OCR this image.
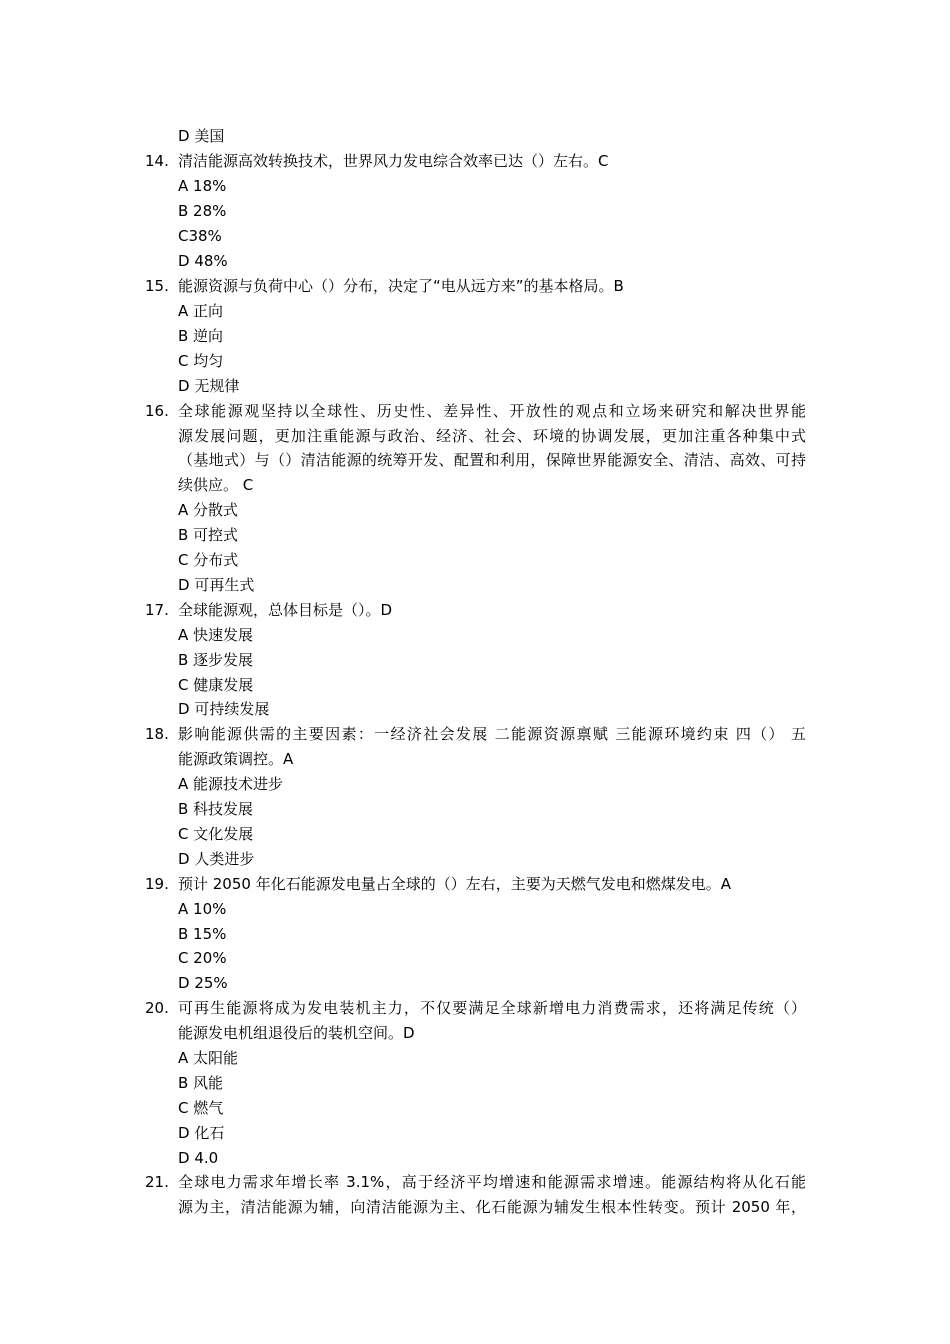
D 美国
14. 清洁能源高效转换技术，世界风力发电综合效率已达（）左右。C
A 18%
B 28%
C38%
D 48%
15. 能源资源与负荷中心（）分布，决定了“电从远方来”的基本格局。B
A 正向
B 逆向
C 均匀
D 无规律
16. 全球能源观坚持以全球性、历史性、差异性、开放性的观点和立场来研究和解决世界能
源发展问题，更加注重能源与政治、经济、社会、环境的协调发展，更加注重各种集中式
（基地式）与（）清洁能源的统筹开发、配置和利用，保障世界能源安全、清洁、高效、可持
续供应。 C
A 分散式
B 可控式
C 分布式
D 可再生式
17. 全球能源观，总体目标是（）。D
A 快速发展
B 逐步发展
C 健康发展
D 可持续发展
18. 影响能源供需的主要因素：一经济社会发展 二能源资源禀赋 三能源环境约束 四（） 五
能源政策调控。A
A 能源技术进步
B 科技发展
C 文化发展
D 人类进步
19. 预计 2050 年化石能源发电量占全球的（）左右，主要为天燃气发电和燃煤发电。A
A 10%
B 15%
C 20%
D 25%
20. 可再生能源将成为发电装机主力，不仅要满足全球新增电力消费需求，还将满足传统（）
能源发电机组退役后的装机空间。D
A 太阳能
B 风能
C 燃气
D 化石
D 4.0
21. 全球电力需求年增长率 3.1%，高于经济平均增速和能源需求增速。能源结构将从化石能
源为主，清洁能源为辅，向清洁能源为主、化石能源为辅发生根本性转变。预计 2050 年，
